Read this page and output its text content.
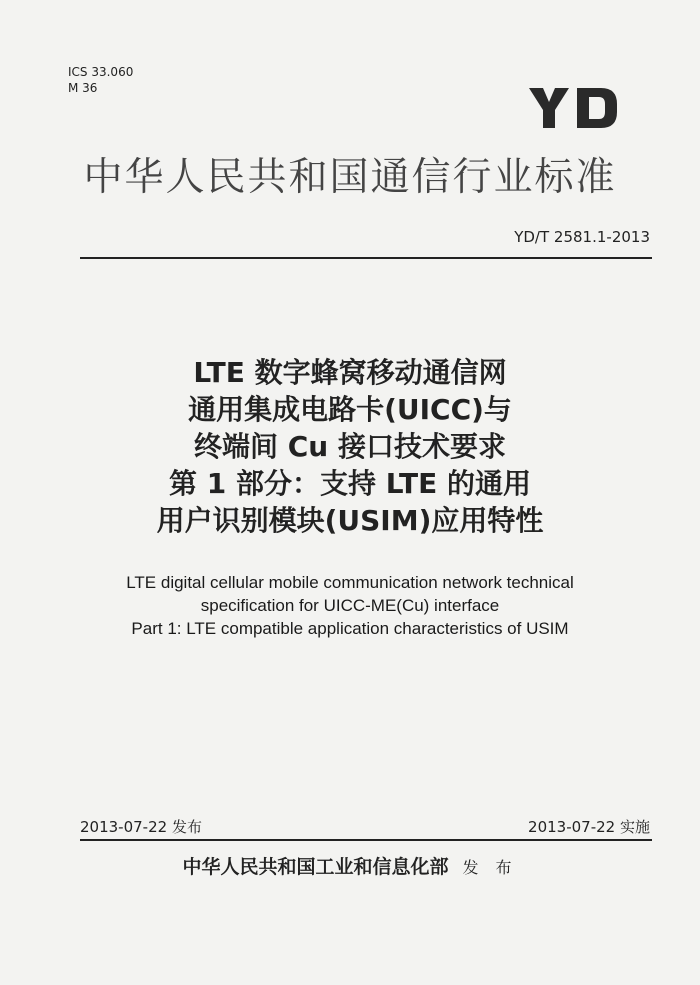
ICS 33.060
M 36
中华人民共和国通信行业标准
YD/T 2581.1-2013
LTE 数字蜂窝移动通信网
通用集成电路卡(UICC)与
终端间 Cu 接口技术要求
第 1 部分：支持 LTE 的通用
用户识别模块(USIM)应用特性
LTE digital cellular mobile communication network technical
specification for UICC-ME(Cu) interface
Part 1: LTE compatible application characteristics of USIM
2013-07-22 发布	2013-07-22 实施
中华人民共和国工业和信息化部 发 布
